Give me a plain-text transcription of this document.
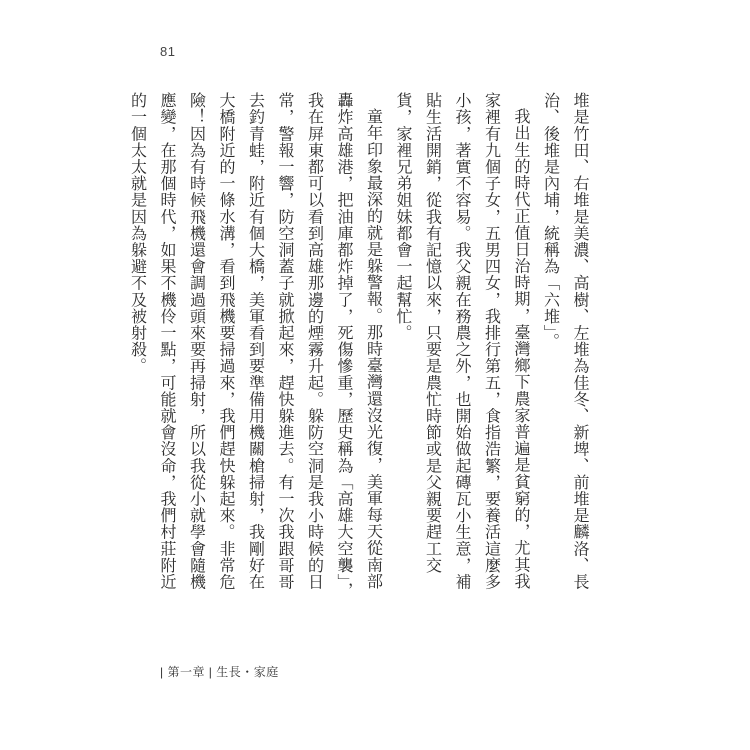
81

堆是竹田、右堆是美濃、高樹、左堆為佳冬、新埤、前堆是麟洛、長治、後堆是內埔，統稱為「六堆」。

我出生的時代正值日治時期，臺灣鄉下農家普遍是貧窮的，尤其我家裡有九個子女，五男四女，我排行第五，食指浩繁，要養活這麼多小孩，著實不容易。我父親在務農之外，也開始做起磚瓦小生意，補貼生活開銷，從我有記憶以來，只要是農忙時節或是父親要趕工交貨，家裡兄弟姐妹都會一起幫忙。

童年印象最深的就是躲警報。那時臺灣還沒光復，美軍每天從南部轟炸高雄港，把油庫都炸掉了，死傷慘重，歷史稱為「高雄大空襲」，我在屏東都可以看到高雄那邊的煙霧升起。躲防空洞是我小時候的日常，警報一響，防空洞蓋子就掀起來，趕快躲進去。有一次我跟哥哥去釣青蛙，附近有個大橋，美軍看到要準備用機關槍掃射，我剛好在大橋附近的一條水溝，看到飛機要掃過來，我們趕快躲起來。非常危險！因為有時候飛機還會調過頭來要再掃射，所以我從小就學會隨機應變，在那個時代，如果不機伶一點，可能就會沒命，我們村莊附近的一個太太就是因為躲避不及被射殺。

| 第一章 | 生長・家庭
